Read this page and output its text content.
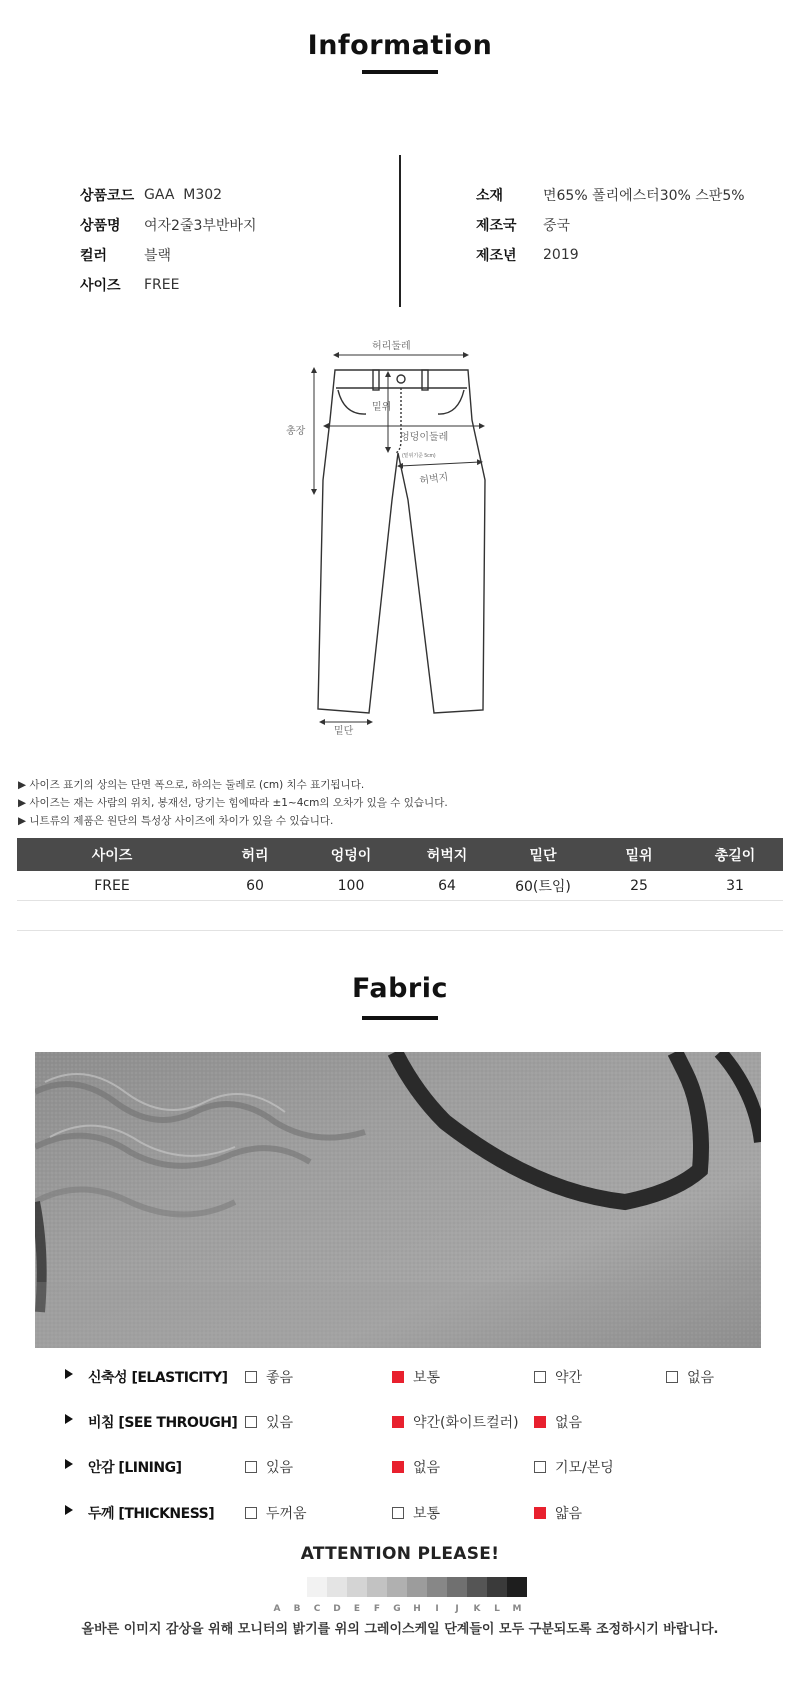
Information
상품코드 GAA  M302
상품명	여자2줄3부반바지
컬러	블랙
사이즈	FREE
소재	면65% 폴리에스터30% 스판5%
제조국	중국
제조년	2019
허리둘레
총장
밑위
엉덩이둘레
(밑위기준 5cm)
허벅지
밑단
▶ 사이즈 표기의 상의는 단면 폭으로, 하의는 둘레로 (cm) 치수 표기됩니다.
▶ 사이즈는 재는 사람의 위치, 봉재선, 당기는 힘에따라 ±1~4cm의 오차가 있을 수 있습니다.
▶ 니트류의 제품은 원단의 특성상 사이즈에 차이가 있을 수 있습니다.
사이즈	허리	엉덩이	허벅지	밑단	밑위	총길이
FREE	60	100	64	60(트임)	25	31
Fabric
신축성 [ELASTICITY]	좋음	보통	약간	없음
비침 [SEE THROUGH]	있음	약간(화이트컬러)	없음
안감 [LINING]	있음	없음	기모/본딩
두께 [THICKNESS]	두꺼움	보통	얇음
ATTENTION PLEASE!
A	B	C	D	E	F	G	H	I	J	K	L	M
올바른 이미지 감상을 위해 모니터의 밝기를 위의 그레이스케일 단계들이 모두 구분되도록 조정하시기 바랍니다.
